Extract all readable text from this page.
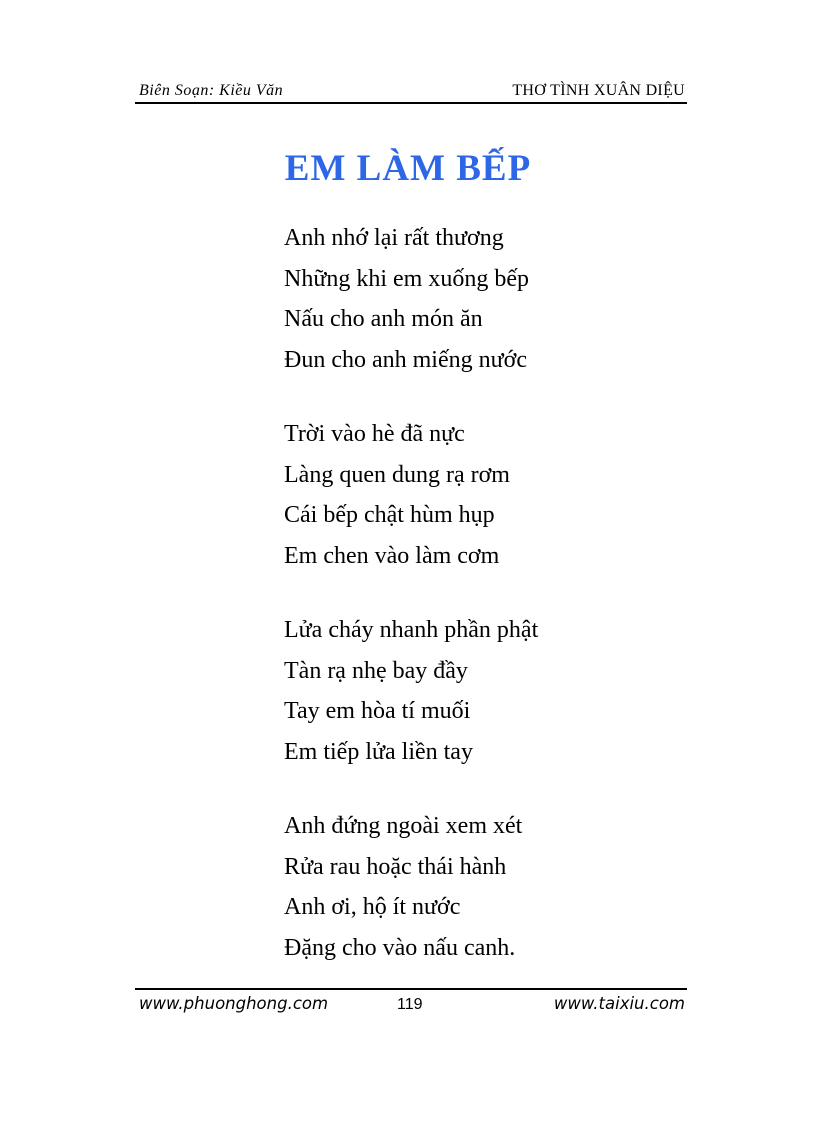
Biên Soạn: Kiều Văn	THƠ TÌNH XUÂN DIỆU
EM LÀM BẾP
Anh nhớ lại rất thương
Những khi em xuống bếp
Nấu cho anh món ăn
Đun cho anh miếng nước
Trời vào hè đã nực
Làng quen dung rạ rơm
Cái bếp chật hùm hụp
Em chen vào làm cơm
Lửa cháy nhanh phần phật
Tàn rạ nhẹ bay đầy
Tay em hòa tí muối
Em tiếp lửa liền tay
Anh đứng ngoài xem xét
Rửa rau hoặc thái hành
Anh ơi, hộ ít nước
Đặng cho vào nấu canh.
www.phuonghong.com	119	www.taixiu.com
